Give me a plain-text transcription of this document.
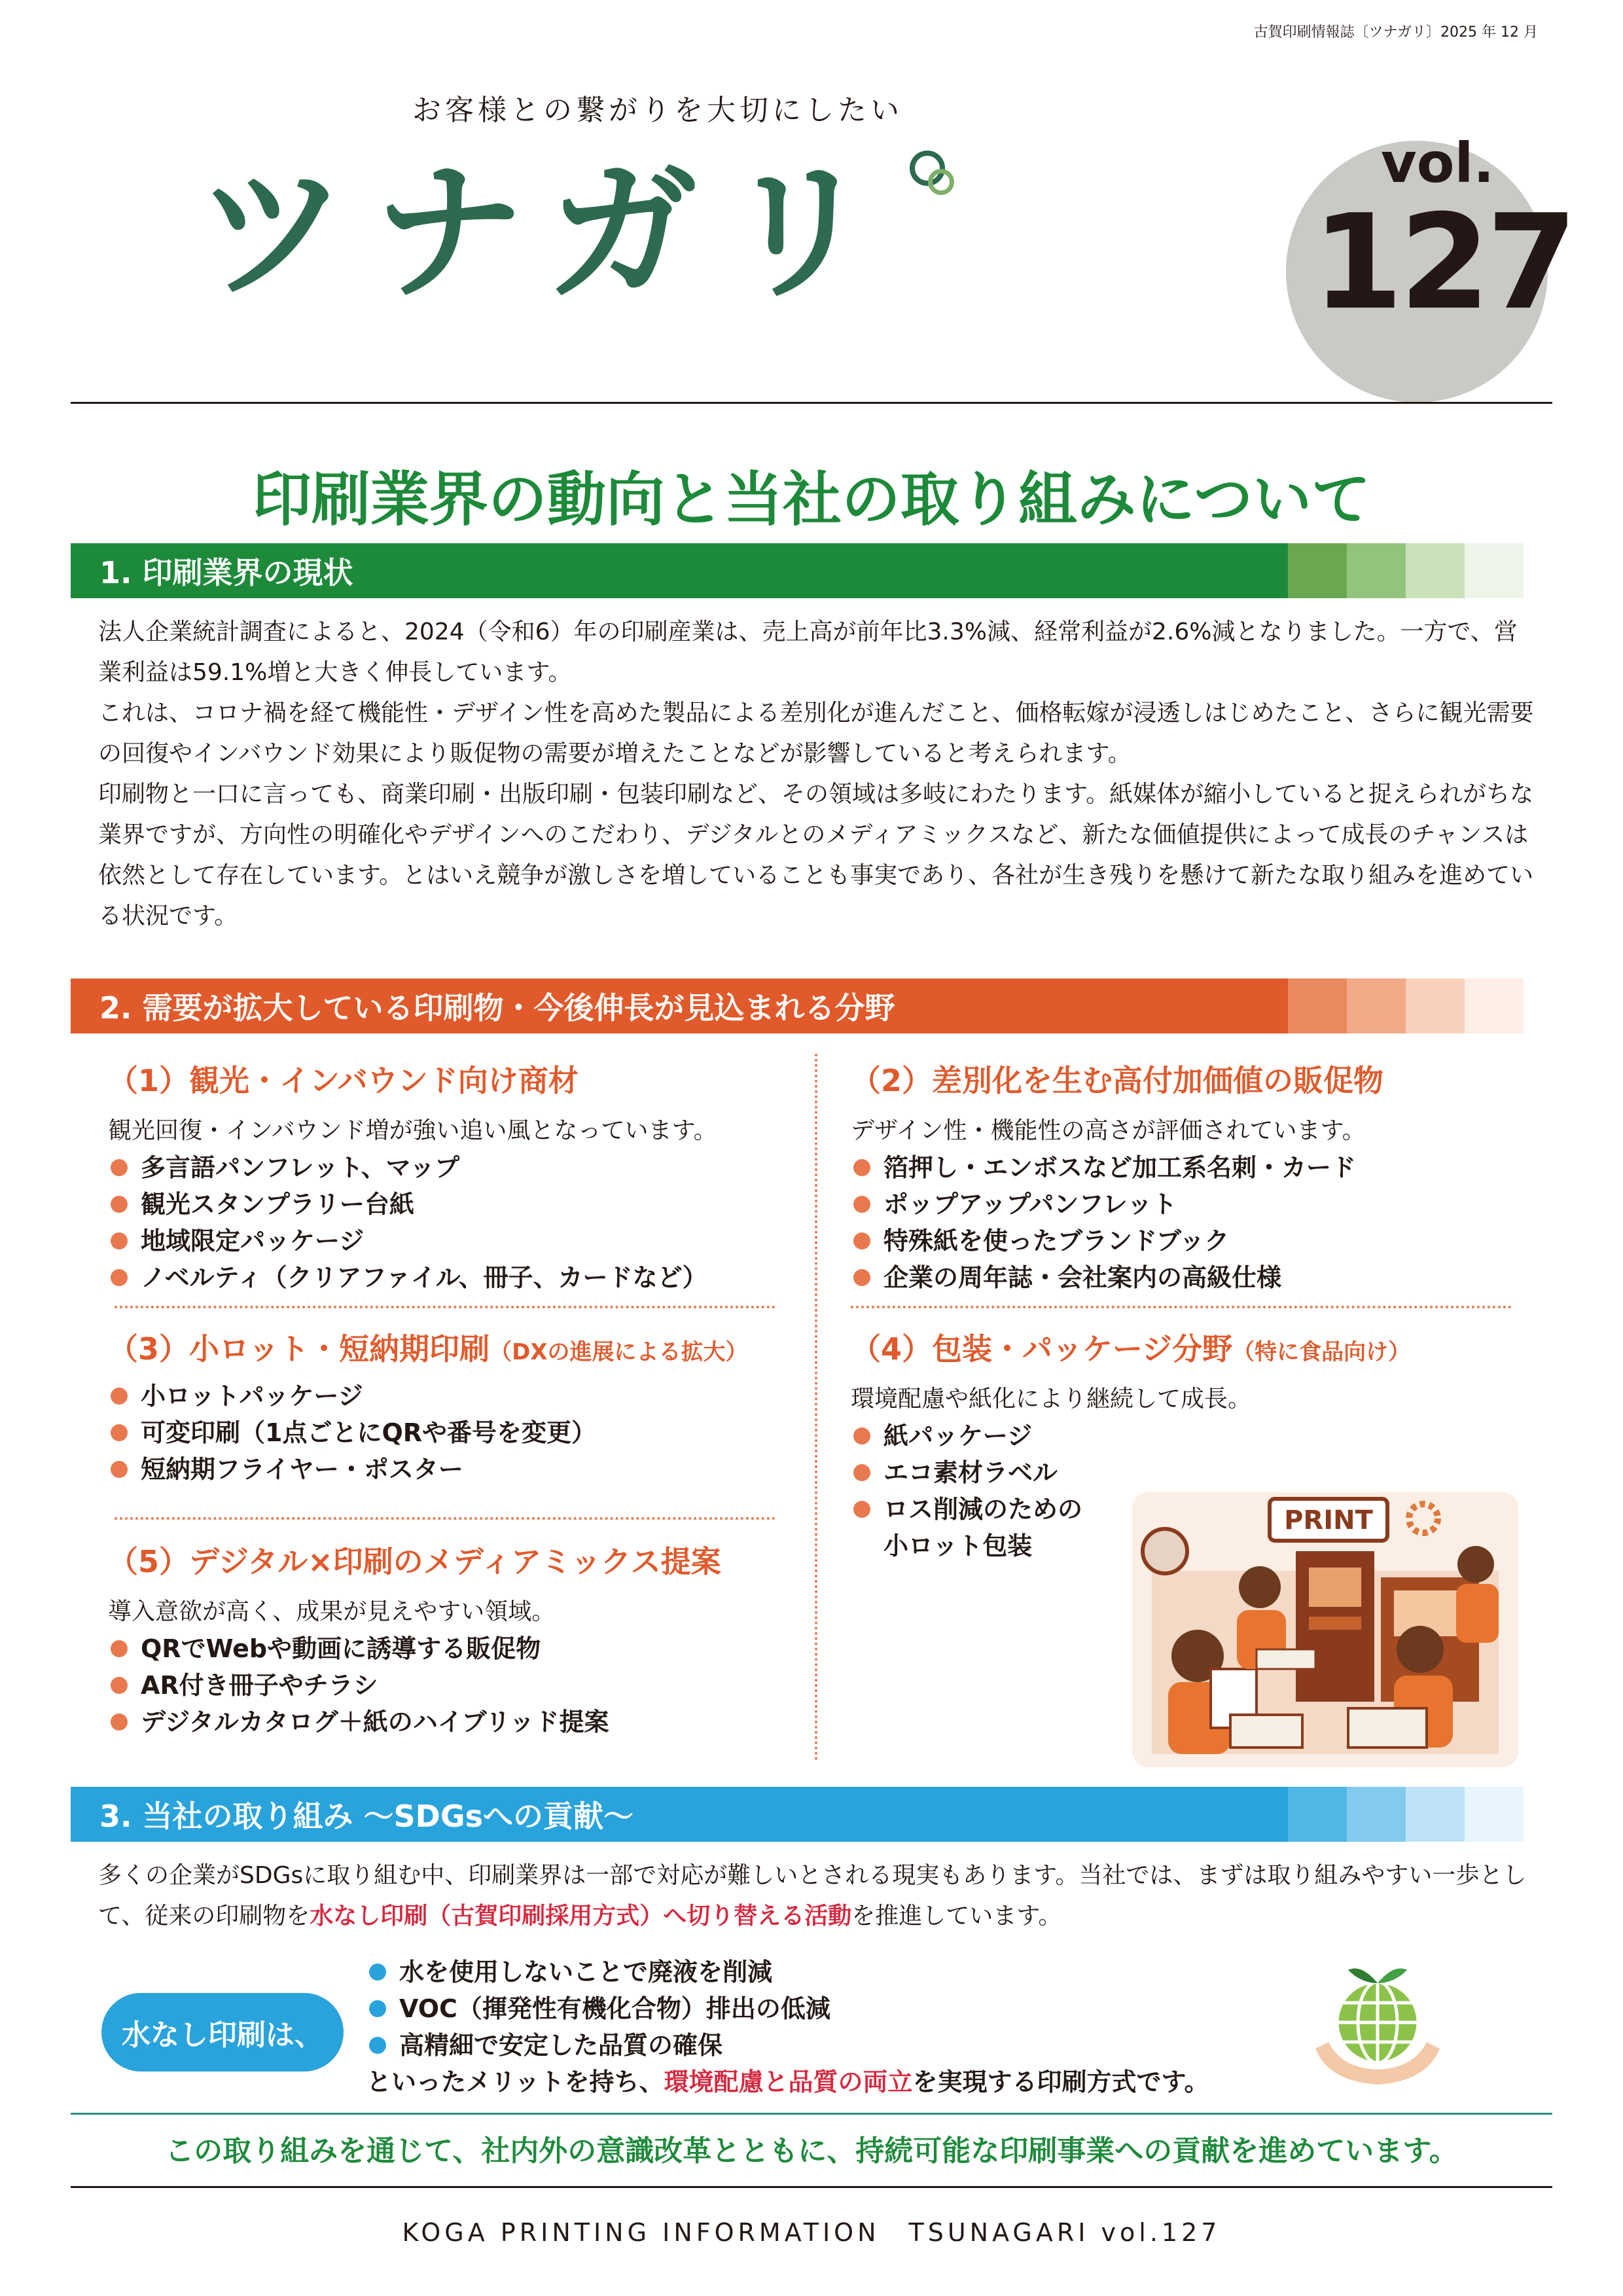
古賀印刷情報誌〔ツナガリ〕2025 年 12 月
お客様との繋がりを大切にしたい
ツナガリ	vol.
127
印刷業界の動向と当社の取り組みについて
1. 印刷業界の現状

法人企業統計調査によると、2024（令和6）年の印刷産業は、売上高が前年比3.3%減、経常利益が2.6%減となりました。一方で、営業利益は59.1%増と大きく伸長しています。

これは、コロナ禍を経て機能性・デザイン性を高めた製品による差別化が進んだこと、価格転嫁が浸透しはじめたこと、さらに観光需要の回復やインバウンド効果により販促物の需要が増えたことなどが影響していると考えられます。

印刷物と一口に言っても、商業印刷・出版印刷・包装印刷など、その領域は多岐にわたります。紙媒体が縮小していると捉えられがちな業界ですが、方向性の明確化やデザインへのこだわり、デジタルとのメディアミックスなど、新たな価値提供によって成長のチャンスは依然として存在しています。とはいえ競争が激しさを増していることも事実であり、各社が生き残りを懸けて新たな取り組みを進めている状況です。

2. 需要が拡大している印刷物・今後伸長が見込まれる分野
（1）観光・インバウンド向け商材
観光回復・インバウンド増が強い追い風となっています。
多言語パンフレット、マップ
観光スタンプラリー台紙
地域限定パッケージ
ノベルティ（クリアファイル、冊子、カードなど）
（2）差別化を生む高付加価値の販促物
デザイン性・機能性の高さが評価されています。
箔押し・エンボスなど加工系名刺・カード
ポップアップパンフレット
特殊紙を使ったブランドブック
企業の周年誌・会社案内の高級仕様
（3）小ロット・短納期印刷（DXの進展による拡大）
小ロットパッケージ
可変印刷（1点ごとにQRや番号を変更）
短納期フライヤー・ポスター
（4）包装・パッケージ分野（特に食品向け）
環境配慮や紙化により継続して成長。
紙パッケージ
エコ素材ラベル
ロス削減のための
小ロット包装
PRINT
（5）デジタル×印刷のメディアミックス提案
導入意欲が高く、成果が見えやすい領域。
QRでWebや動画に誘導する販促物
AR付き冊子やチラシ
デジタルカタログ＋紙のハイブリッド提案
3. 当社の取り組み 〜SDGsへの貢献〜

多くの企業がSDGsに取り組む中、印刷業界は一部で対応が難しいとされる現実もあります。当社では、まずは取り組みやすい一歩として、従来の印刷物を水なし印刷（古賀印刷採用方式）へ切り替える活動を推進しています。

水なし印刷は、
水を使用しないことで廃液を削減
VOC（揮発性有機化合物）排出の低減
高精細で安定した品質の確保
といったメリットを持ち、環境配慮と品質の両立を実現する印刷方式です。
この取り組みを通じて、社内外の意識改革とともに、持続可能な印刷事業への貢献を進めています。
KOGA PRINTING INFORMATION　TSUNAGARI vol.127
